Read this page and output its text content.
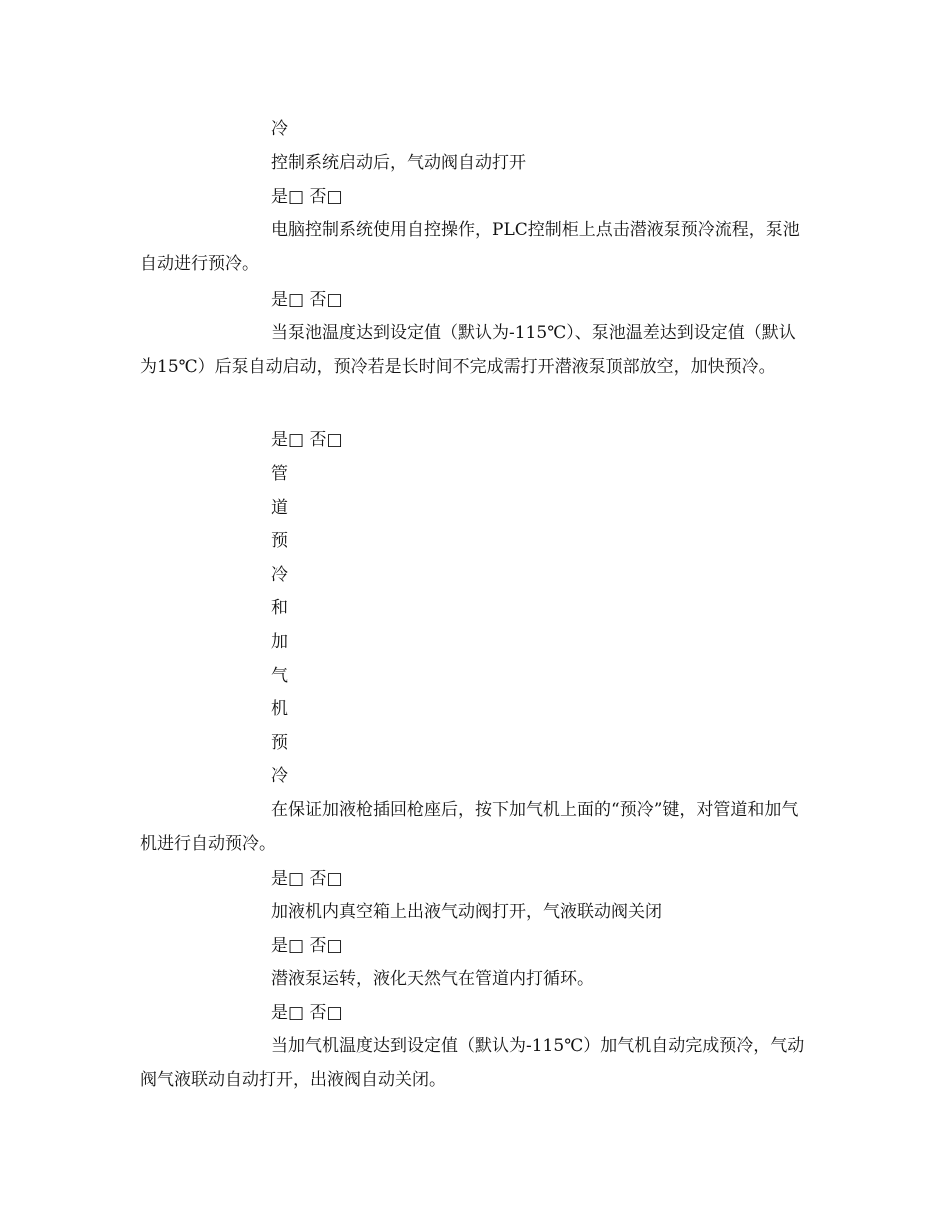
冷

控制系统启动后，气动阀自动打开

是□ 否□

电脑控制系统使用自控操作，PLC控制柜上点击潜液泵预冷流程，泵池自动进行预冷。

是□ 否□

当泵池温度达到设定值（默认为-115℃）、泵池温差达到设定值（默认为15℃）后泵自动启动，预冷若是长时间不完成需打开潜液泵顶部放空，加快预冷。

是□ 否□

管

道

预

冷

和

加

气

机

预

冷

在保证加液枪插回枪座后，按下加气机上面的“预冷”键，对管道和加气机进行自动预冷。

是□ 否□

加液机内真空箱上出液气动阀打开，气液联动阀关闭

是□ 否□

潜液泵运转，液化天然气在管道内打循环。

是□ 否□

当加气机温度达到设定值（默认为-115℃）加气机自动完成预冷，气动阀气液联动自动打开，出液阀自动关闭。
